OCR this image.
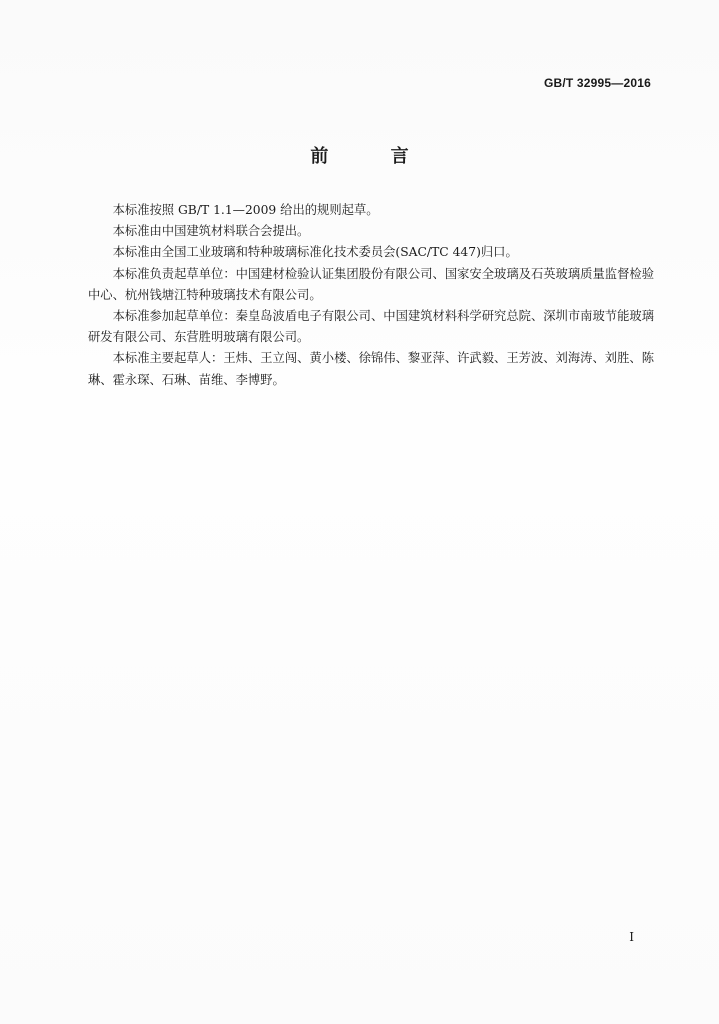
GB/T 32995—2016
前 言

本标准按照 GB/T 1.1—2009 给出的规则起草。

本标准由中国建筑材料联合会提出。

本标准由全国工业玻璃和特种玻璃标准化技术委员会(SAC/TC 447)归口。

本标准负责起草单位：中国建材检验认证集团股份有限公司、国家安全玻璃及石英玻璃质量监督检验中心、杭州钱塘江特种玻璃技术有限公司。

本标准参加起草单位：秦皇岛波盾电子有限公司、中国建筑材料科学研究总院、深圳市南玻节能玻璃研发有限公司、东营胜明玻璃有限公司。

本标准主要起草人：王炜、王立闯、黄小楼、徐锦伟、黎亚萍、许武毅、王芳波、刘海涛、刘胜、陈琳、霍永琛、石琳、苗维、李博野。

I
